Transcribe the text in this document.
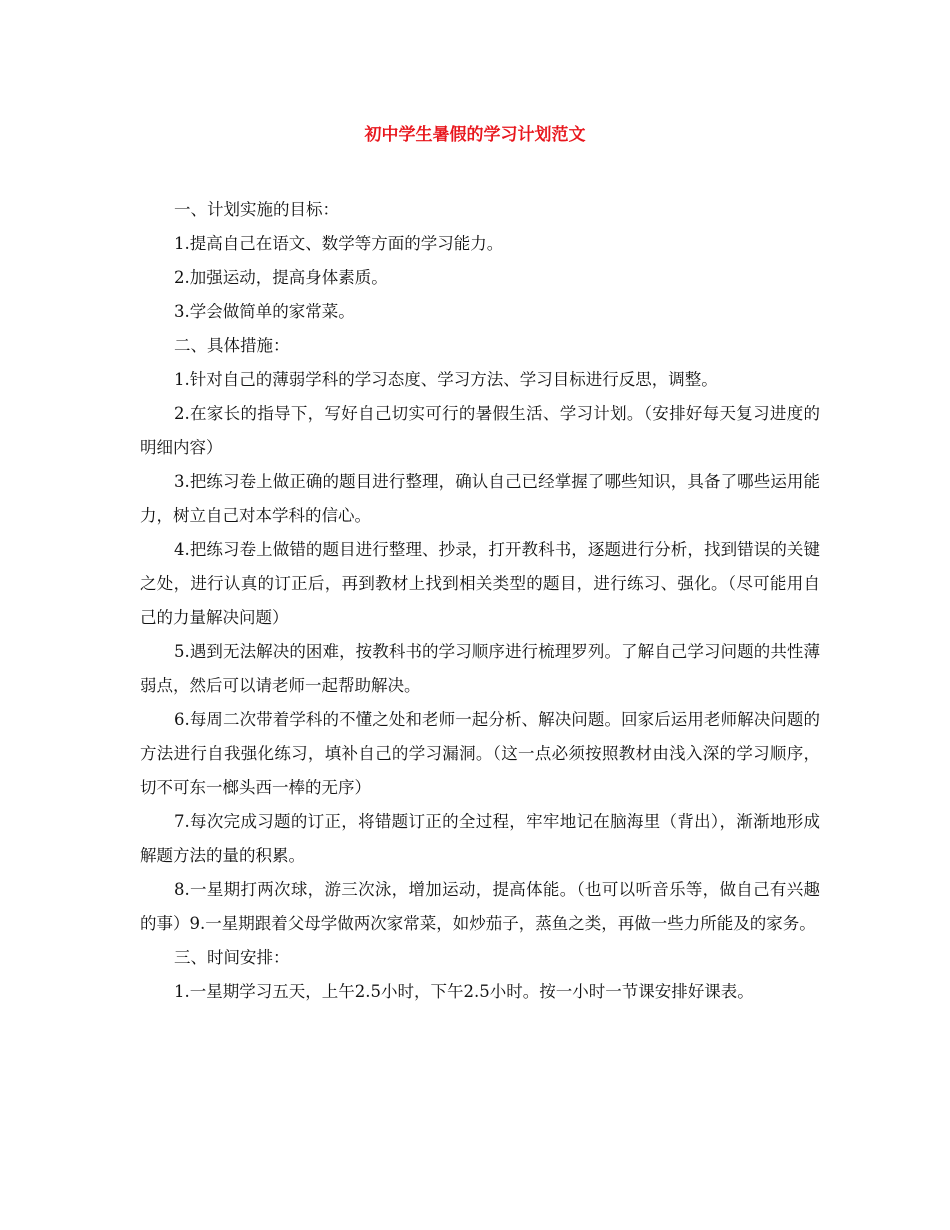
初中学生暑假的学习计划范文

一、计划实施的目标：

1.提高自己在语文、数学等方面的学习能力。

2.加强运动，提高身体素质。

3.学会做简单的家常菜。

二、具体措施：

1.针对自己的薄弱学科的学习态度、学习方法、学习目标进行反思，调整。

2.在家长的指导下，写好自己切实可行的暑假生活、学习计划。（安排好每天复习进度的明细内容）

3.把练习卷上做正确的题目进行整理，确认自己已经掌握了哪些知识，具备了哪些运用能力，树立自己对本学科的信心。

4.把练习卷上做错的题目进行整理、抄录，打开教科书，逐题进行分析，找到错误的关键之处，进行认真的订正后，再到教材上找到相关类型的题目，进行练习、强化。（尽可能用自己的力量解决问题）

5.遇到无法解决的困难，按教科书的学习顺序进行梳理罗列。了解自己学习问题的共性薄弱点，然后可以请老师一起帮助解决。

6.每周二次带着学科的不懂之处和老师一起分析、解决问题。回家后运用老师解决问题的方法进行自我强化练习，填补自己的学习漏洞。（这一点必须按照教材由浅入深的学习顺序，切不可东一榔头西一棒的无序）

7.每次完成习题的订正，将错题订正的全过程，牢牢地记在脑海里（背出），渐渐地形成解题方法的量的积累。

8.一星期打两次球，游三次泳，增加运动，提高体能。（也可以听音乐等，做自己有兴趣的事）9.一星期跟着父母学做两次家常菜，如炒茄子，蒸鱼之类，再做一些力所能及的家务。

三、时间安排：

1.一星期学习五天，上午2.5小时，下午2.5小时。按一小时一节课安排好课表。
